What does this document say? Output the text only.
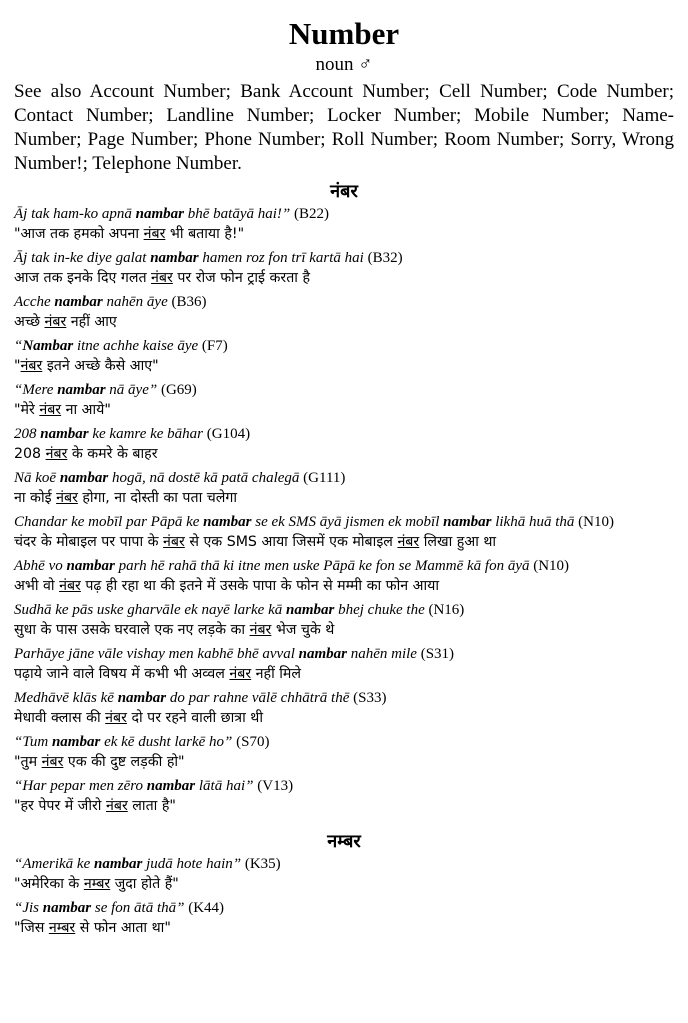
Number
noun ♂

See also Account Number; Bank Account Number; Cell Number; Code Number; Contact Number; Landline Number; Locker Number; Mobile Number; Name-Number; Page Number; Phone Number; Roll Number; Room Number; Sorry, Wrong Number!; Telephone Number.

नंबर
Āj tak ham-ko apnā nambar bhē batāyā hai!” (B22)
"आज तक हमको अपना नंबर भी बताया है!"
Āj tak in-ke diye galat nambar hamen roz fon trī kartā hai (B32)
आज तक इनके दिए गलत नंबर पर रोज फोन ट्राई करता है
Acche nambar nahēn āye (B36)
अच्छे नंबर नहीं आए
“Nambar itne achhe kaise āye (F7)
"नंबर इतने अच्छे कैसे आए"
“Mere nambar nā āye” (G69)
"मेरे नंबर ना आये"
208 nambar ke kamre ke bāhar (G104)
208 नंबर के कमरे के बाहर
Nā koē nambar hogā, nā dostē kā patā chalegā (G111)
ना कोई नंबर होगा, ना दोस्ती का पता चलेगा
Chandar ke mobīl par Pāpā ke nambar se ek SMS āyā jismen ek mobīl nambar likhā huā thā (N10)
चंदर के मोबाइल पर पापा के नंबर से एक SMS आया जिसमें एक मोबाइल नंबर लिखा हुआ था
Abhē vo nambar parh hē rahā thā ki itne men uske Pāpā ke fon se Mammē kā fon āyā (N10)
अभी वो नंबर पढ़ ही रहा था की इतने में उसके पापा के फोन से मम्मी का फोन आया
Sudhā ke pās uske gharvāle ek nayē larke kā nambar bhej chuke the (N16)
सुधा के पास उसके घरवाले एक नए लड़के का नंबर भेज चुके थे
Parhāye jāne vāle vishay men kabhē bhē avval nambar nahēn mile (S31)
पढ़ाये जाने वाले विषय में कभी भी अव्वल नंबर नहीं मिले
Medhāvē klās kē nambar do par rahne vālē chhātrā thē (S33)
मेधावी क्लास की नंबर दो पर रहने वाली छात्रा थी
“Tum nambar ek kē dusht larkē ho” (S70)
"तुम नंबर एक की दुष्ट लड़की हो"
“Har pepar men zēro nambar lātā hai” (V13)
"हर पेपर में जीरो नंबर लाता है"
नम्बर
“Amerikā ke nambar judā hote hain” (K35)
"अमेरिका के नम्बर जुदा होते हैं"
“Jis nambar se fon ātā thā” (K44)
"जिस नम्बर से फोन आता था"
